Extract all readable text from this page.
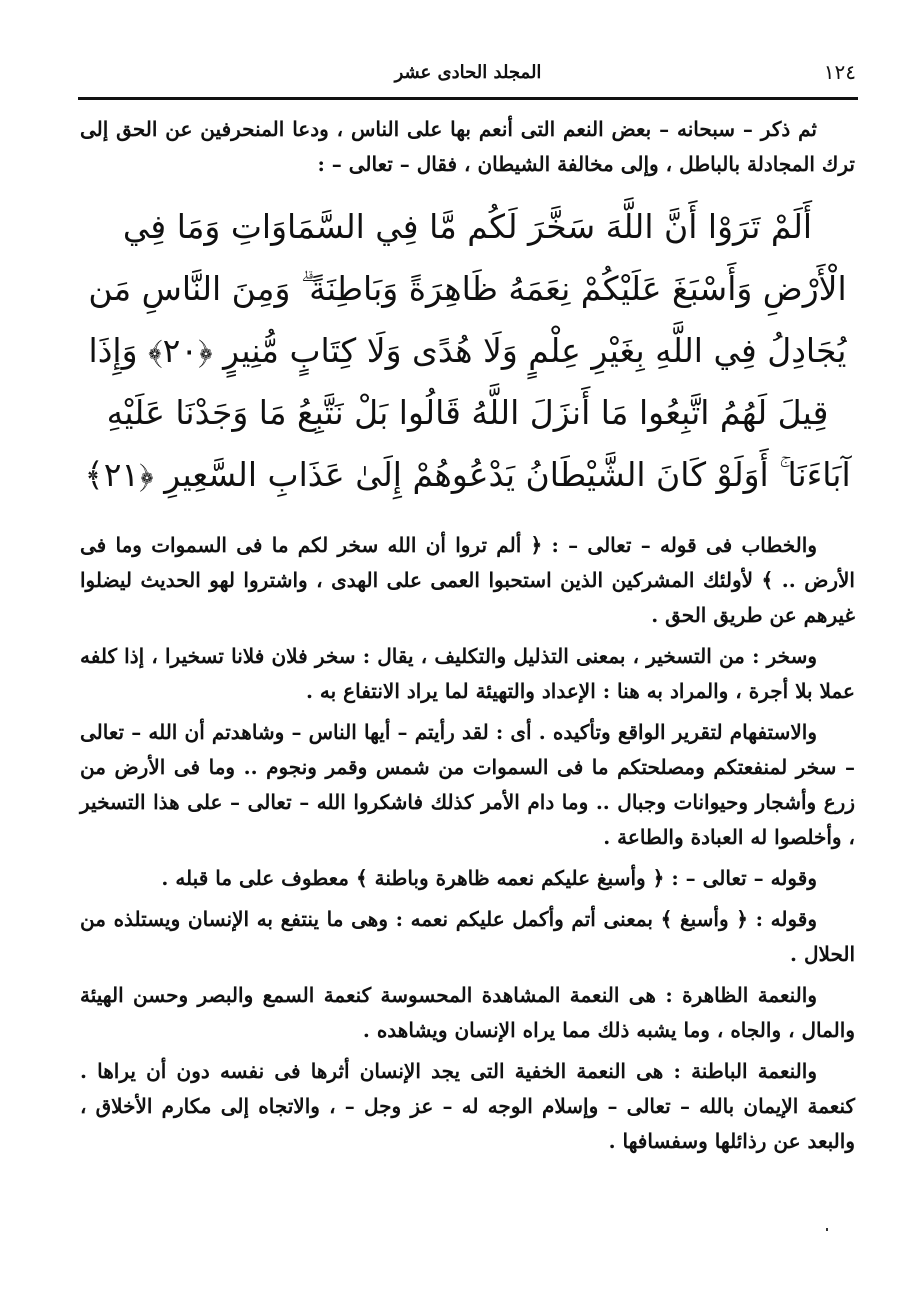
١٢٤
المجلد الحادى عشر

ثم ذكر – سبحانه – بعض النعم التى أنعم بها على الناس ، ودعا المنحرفين عن الحق إلى ترك المجادلة بالباطل ، وإلى مخالفة الشيطان ، فقال – تعالى – :

أَلَمْ تَرَوْا أَنَّ اللَّهَ سَخَّرَ لَكُم مَّا فِي السَّمَاوَاتِ وَمَا فِي الْأَرْضِ وَأَسْبَغَ عَلَيْكُمْ نِعَمَهُ ظَاهِرَةً وَبَاطِنَةً ۗ وَمِنَ النَّاسِ مَن يُجَادِلُ فِي اللَّهِ بِغَيْرِ عِلْمٍ وَلَا هُدًى وَلَا كِتَابٍ مُّنِيرٍ ﴿٢٠﴾ وَإِذَا قِيلَ لَهُمُ اتَّبِعُوا مَا أَنزَلَ اللَّهُ قَالُوا بَلْ نَتَّبِعُ مَا وَجَدْنَا عَلَيْهِ آبَاءَنَا ۚ أَوَلَوْ كَانَ الشَّيْطَانُ يَدْعُوهُمْ إِلَىٰ عَذَابِ السَّعِيرِ ﴿٢١﴾

والخطاب فى قوله – تعالى – : ﴿ ألم تروا أن الله سخر لكم ما فى السموات وما فى الأرض .. ﴾ لأولئك المشركين الذين استحبوا العمى على الهدى ، واشتروا لهو الحديث ليضلوا غيرهم عن طريق الحق .

وسخر : من التسخير ، بمعنى التذليل والتكليف ، يقال : سخر فلان فلانا تسخيرا ، إذا كلفه عملا بلا أجرة ، والمراد به هنا : الإعداد والتهيئة لما يراد الانتفاع به .

والاستفهام لتقرير الواقع وتأكيده . أى : لقد رأيتم – أيها الناس – وشاهدتم أن الله – تعالى – سخر لمنفعتكم ومصلحتكم ما فى السموات من شمس وقمر ونجوم .. وما فى الأرض من زرع وأشجار وحيوانات وجبال .. وما دام الأمر كذلك فاشكروا الله – تعالى – على هذا التسخير ، وأخلصوا له العبادة والطاعة .

وقوله – تعالى – : ﴿ وأسبغ عليكم نعمه ظاهرة وباطنة ﴾ معطوف على ما قبله .

وقوله : ﴿ وأسبغ ﴾ بمعنى أتم وأكمل عليكم نعمه : وهى ما ينتفع به الإنسان ويستلذه من الحلال .

والنعمة الظاهرة : هى النعمة المشاهدة المحسوسة كنعمة السمع والبصر وحسن الهيئة والمال ، والجاه ، وما يشبه ذلك مما يراه الإنسان ويشاهده .

والنعمة الباطنة : هى النعمة الخفية التى يجد الإنسان أثرها فى نفسه دون أن يراها . كنعمة الإيمان بالله – تعالى – وإسلام الوجه له – عز وجل – ، والاتجاه إلى مكارم الأخلاق ، والبعد عن رذائلها وسفسافها .
